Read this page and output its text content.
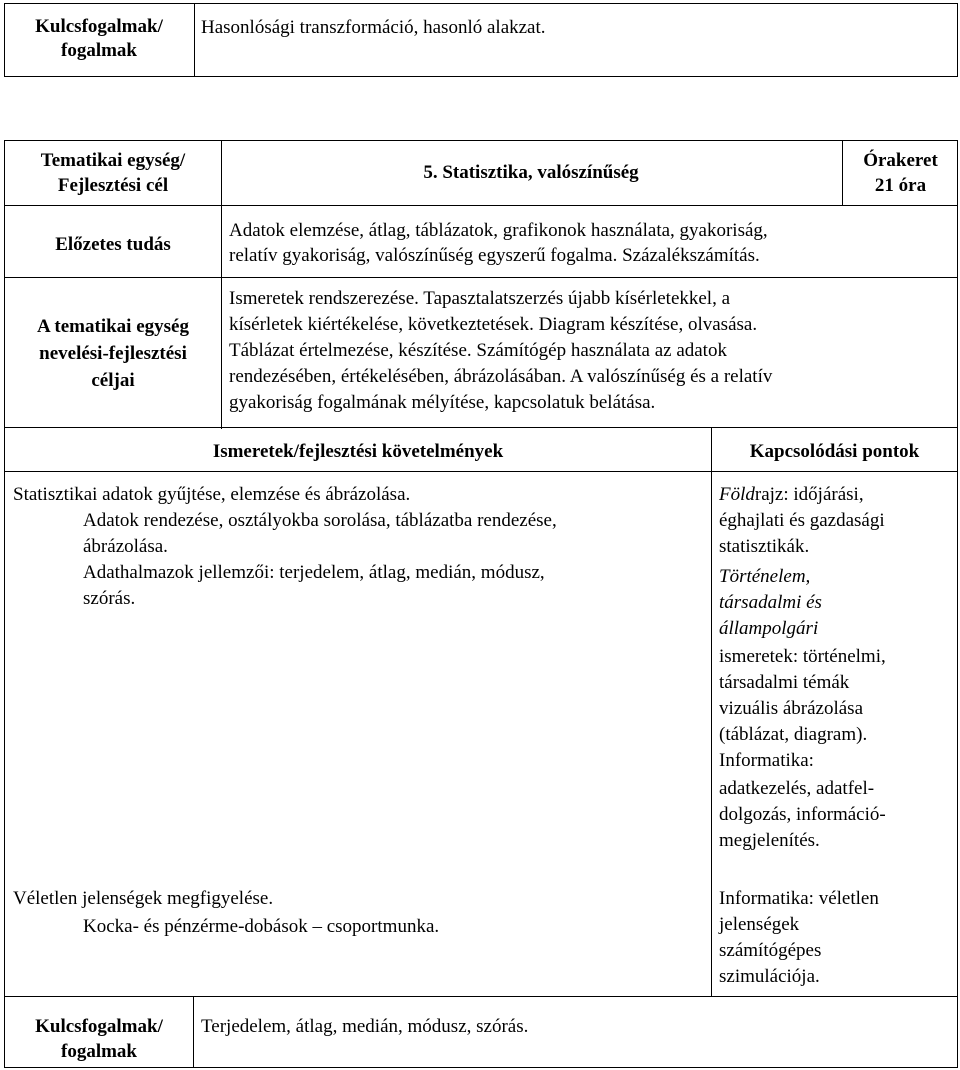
Kulcsfogalmak/
fogalmak
Hasonlósági transzformáció, hasonló alakzat.
Tematikai egység/
Fejlesztési cél
5. Statisztika, valószínűség
Órakeret
21 óra
Előzetes tudás
Adatok elemzése, átlag, táblázatok, grafikonok használata, gyakoriság,
relatív gyakoriság, valószínűség egyszerű fogalma. Százalékszámítás.
A tematikai egység
nevelési-fejlesztési
céljai
Ismeretek rendszerezése. Tapasztalatszerzés újabb kísérletekkel, a
kísérletek kiértékelése, következtetések. Diagram készítése, olvasása.
Táblázat értelmezése, készítése. Számítógép használata az adatok
rendezésében, értékelésében, ábrázolásában. A valószínűség és a relatív
gyakoriság fogalmának mélyítése, kapcsolatuk belátása.
Ismeretek/fejlesztési követelmények	Kapcsolódási pontok
Statisztikai adatok gyűjtése, elemzése és ábrázolása.
Adatok rendezése, osztályokba sorolása, táblázatba rendezése,
ábrázolása.
Adathalmazok jellemzői: terjedelem, átlag, medián, módusz,
szórás.
Véletlen jelenségek megfigyelése.
Kocka- és pénzérme-dobások – csoportmunka.
Földrajz: időjárási,
éghajlati és gazdasági
statisztikák.
Történelem,
társadalmi és
állampolgári
ismeretek: történelmi,
társadalmi témák
vizuális ábrázolása
(táblázat, diagram).
Informatika:
adatkezelés, adatfel-
dolgozás, információ-
megjelenítés.
Informatika: véletlen
jelenségek
számítógépes
szimulációja.
Kulcsfogalmak/
fogalmak
Terjedelem, átlag, medián, módusz, szórás.
